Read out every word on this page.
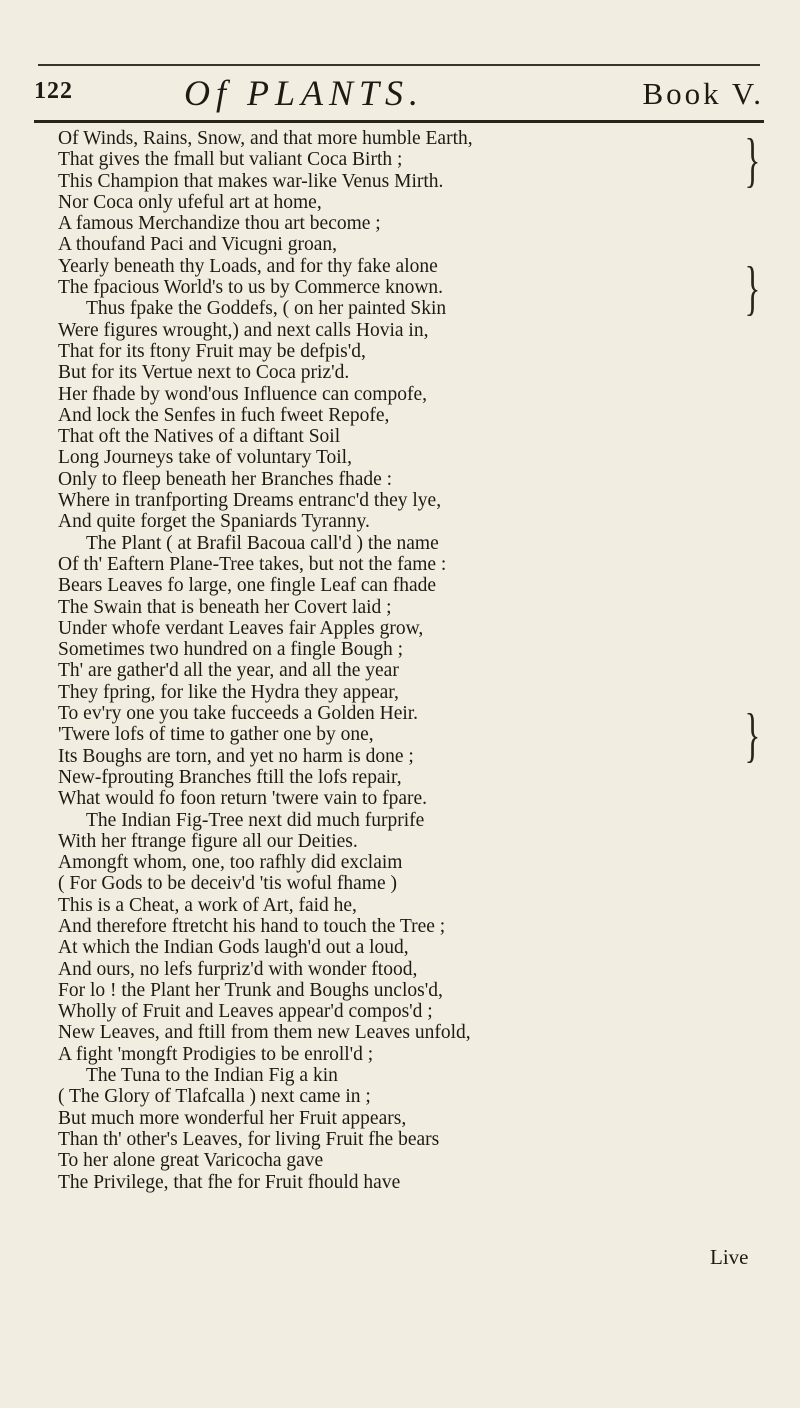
122	Of PLANTS.	Book V.
Of Winds, Rains, Snow, and that more humble Earth,
That gives the fmall but valiant Coca Birth ;
This Champion that makes war-like Venus Mirth.
Nor Coca only ufeful art at home,
A famous Merchandize thou art become ;
A thoufand Paci and Vicugni groan,
Yearly beneath thy Loads, and for thy fake alone
The fpacious World's to us by Commerce known.
Thus fpake the Goddefs, ( on her painted Skin
Were figures wrought,) and next calls Hovia in,
That for its ftony Fruit may be defpis'd,
But for its Vertue next to Coca priz'd.
Her fhade by wond'ous Influence can compofe,
And lock the Senfes in fuch fweet Repofe,
That oft the Natives of a diftant Soil
Long Journeys take of voluntary Toil,
Only to fleep beneath her Branches fhade :
Where in tranfporting Dreams entranc'd they lye,
And quite forget the Spaniards Tyranny.
The Plant ( at Brafil Bacoua call'd ) the name
Of th' Eaftern Plane-Tree takes, but not the fame :
Bears Leaves fo large, one fingle Leaf can fhade
The Swain that is beneath her Covert laid ;
Under whofe verdant Leaves fair Apples grow,
Sometimes two hundred on a fingle Bough ;
Th' are gather'd all the year, and all the year
They fpring, for like the Hydra they appear,
To ev'ry one you take fucceeds a Golden Heir.
'Twere lofs of time to gather one by one,
Its Boughs are torn, and yet no harm is done ;
New-fprouting Branches ftill the lofs repair,
What would fo foon return 'twere vain to fpare.
The Indian Fig-Tree next did much furprife
With her ftrange figure all our Deities.
Amongft whom, one, too rafhly did exclaim
( For Gods to be deceiv'd 'tis woful fhame )
This is a Cheat, a work of Art, faid he,
And therefore ftretcht his hand to touch the Tree ;
At which the Indian Gods laugh'd out a loud,
And ours, no lefs furpriz'd with wonder ftood,
For lo ! the Plant her Trunk and Boughs unclos'd,
Wholly of Fruit and Leaves appear'd compos'd ;
New Leaves, and ftill from them new Leaves unfold,
A fight 'mongft Prodigies to be enroll'd ;
The Tuna to the Indian Fig a kin
( The Glory of Tlafcalla ) next came in ;
But much more wonderful her Fruit appears,
Than th' other's Leaves, for living Fruit fhe bears
To her alone great Varicocha gave
The Privilege, that fhe for Fruit fhould have
}
}
}
Live
